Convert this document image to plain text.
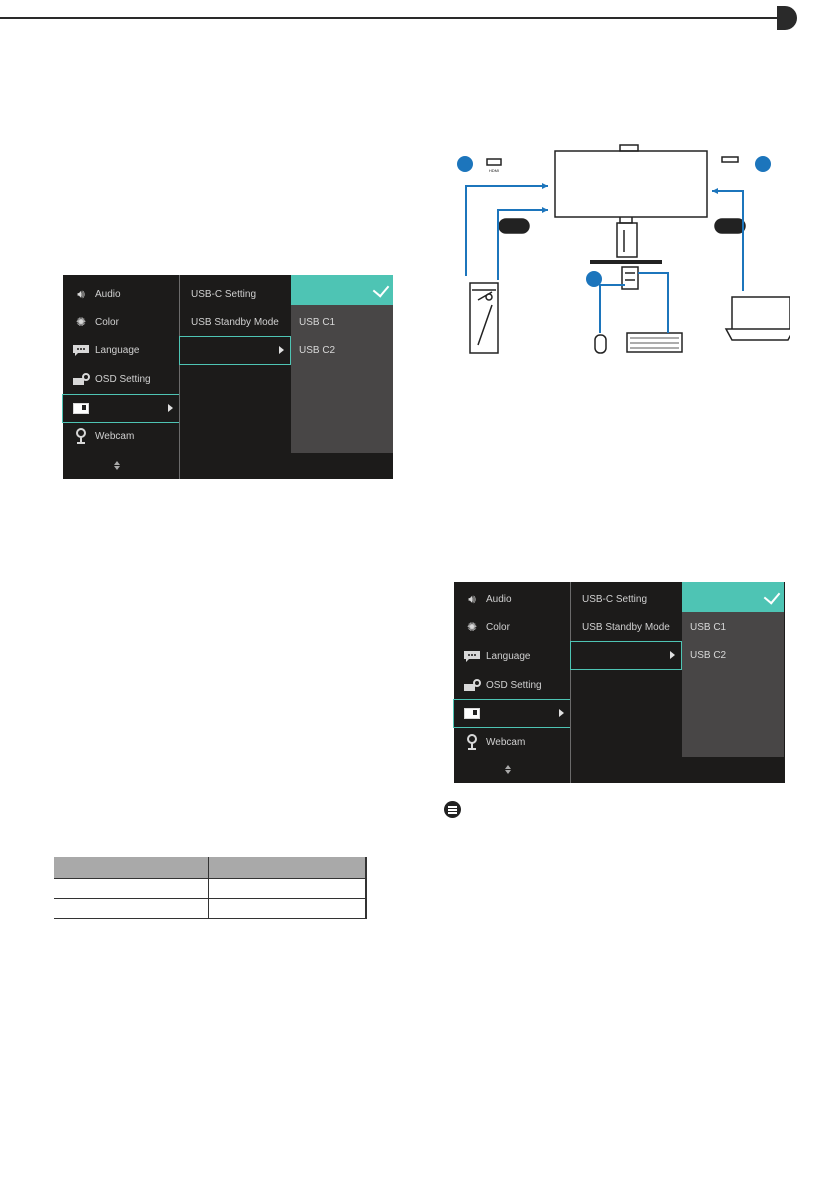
🔊︎	Audio
✺ Color
Language
OSD Setting
Webcam
USB-C Setting
USB Standby Mode USB C1
USB C2
🔊︎	Audio
✺ Color
Language
OSD Setting
Webcam
USB-C Setting
USB Standby Mode USB C1
USB C2
HDMI
